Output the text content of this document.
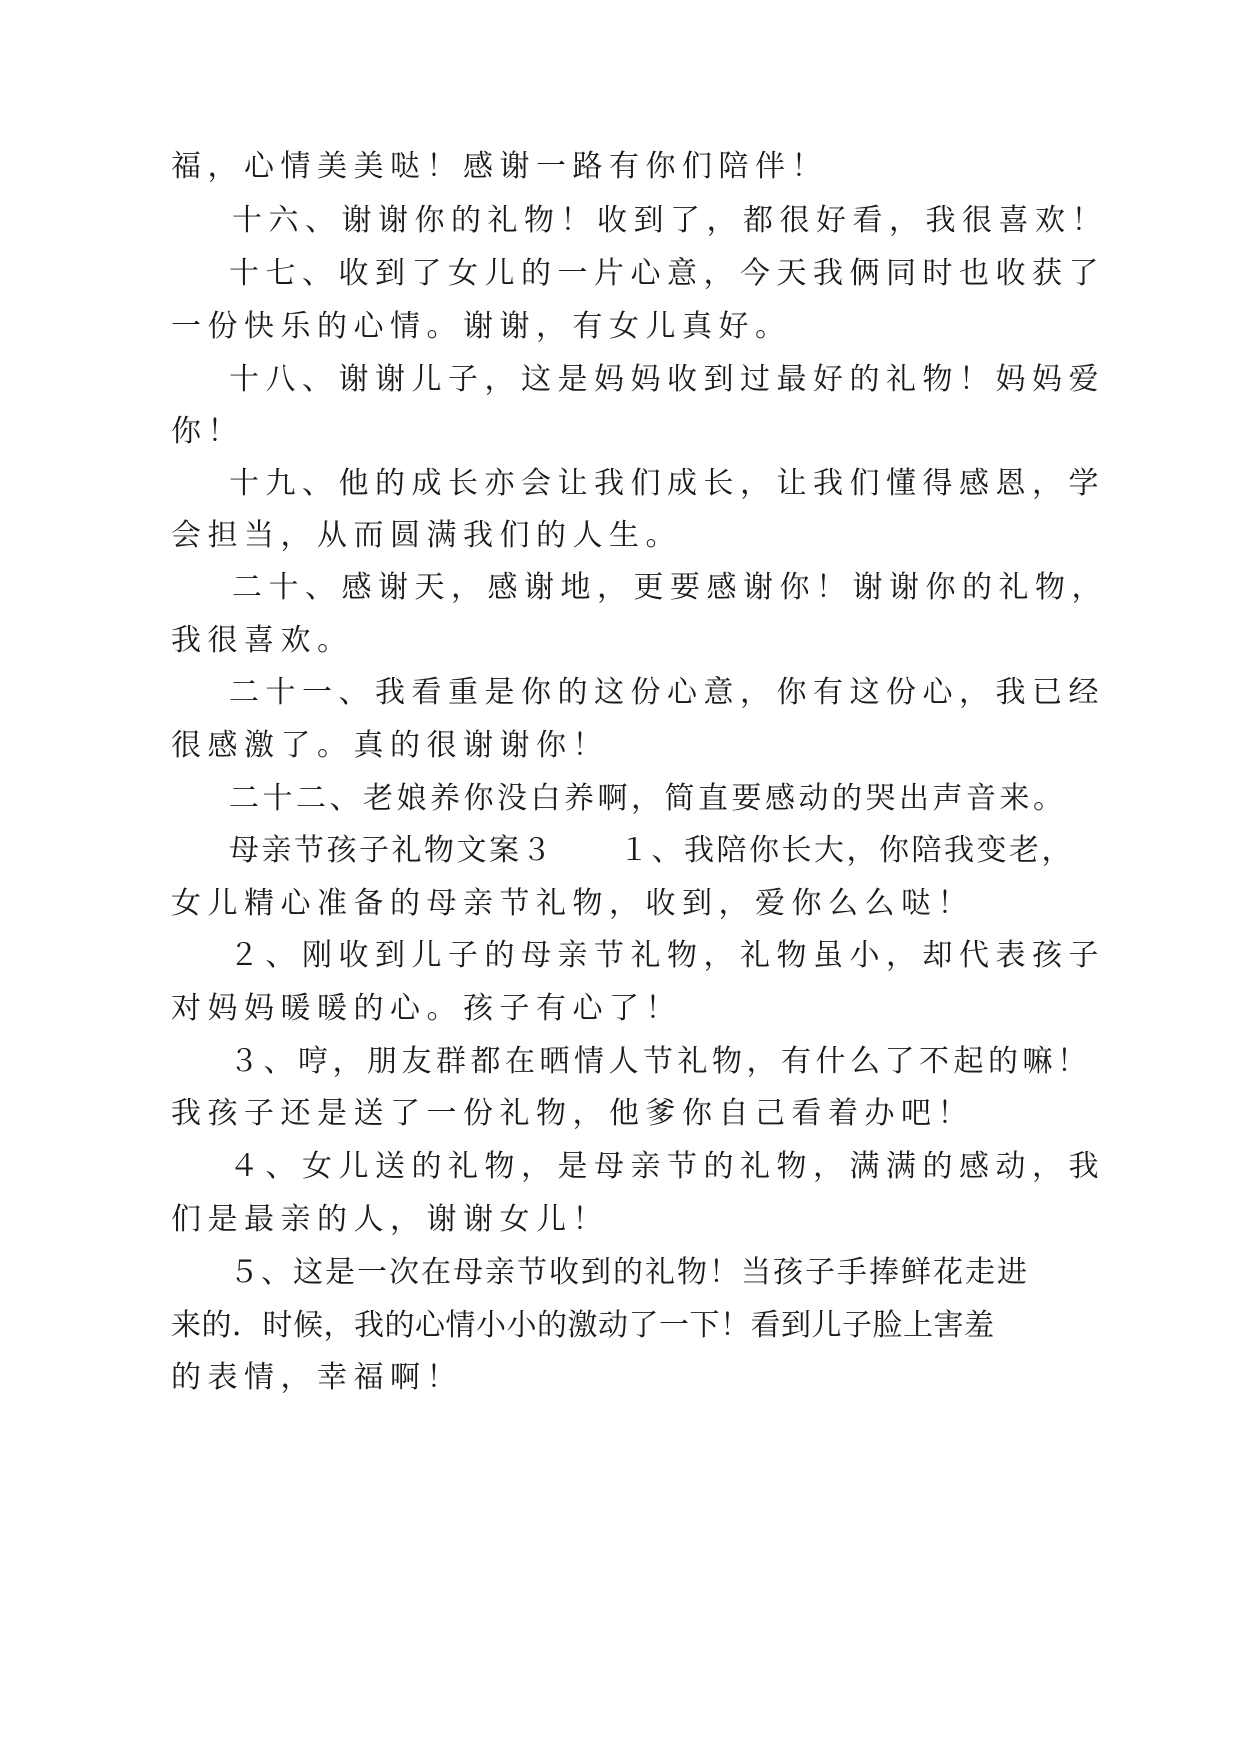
福，心情美美哒！感谢一路有你们陪伴！
十六、谢谢你的礼物！收到了，都很好看，我很喜欢！
十七、收到了女儿的一片心意，今天我俩同时也收获了
一份快乐的心情。谢谢，有女儿真好。
十八、谢谢儿子，这是妈妈收到过最好的礼物！妈妈爱
你！
十九、他的成长亦会让我们成长，让我们懂得感恩，学
会担当，从而圆满我们的人生。
二十、感谢天，感谢地，更要感谢你！谢谢你的礼物，
我很喜欢。
二十一、我看重是你的这份心意，你有这份心，我已经
很感激了。真的很谢谢你！
二十二、老娘养你没白养啊，简直要感动的哭出声音来。
母亲节孩子礼物文案３　　１、我陪你长大，你陪我变老，
女儿精心准备的母亲节礼物，收到，爱你么么哒！
２、刚收到儿子的母亲节礼物，礼物虽小，却代表孩子
对妈妈暖暖的心。孩子有心了！
３、哼，朋友群都在晒情人节礼物，有什么了不起的嘛！
我孩子还是送了一份礼物，他爹你自己看着办吧！
４、女儿送的礼物，是母亲节的礼物，满满的感动，我
们是最亲的人，谢谢女儿！
５、这是一次在母亲节收到的礼物！当孩子手捧鲜花走进
来的．时候，我的心情小小的激动了一下！看到儿子脸上害羞
的表情，幸福啊！
